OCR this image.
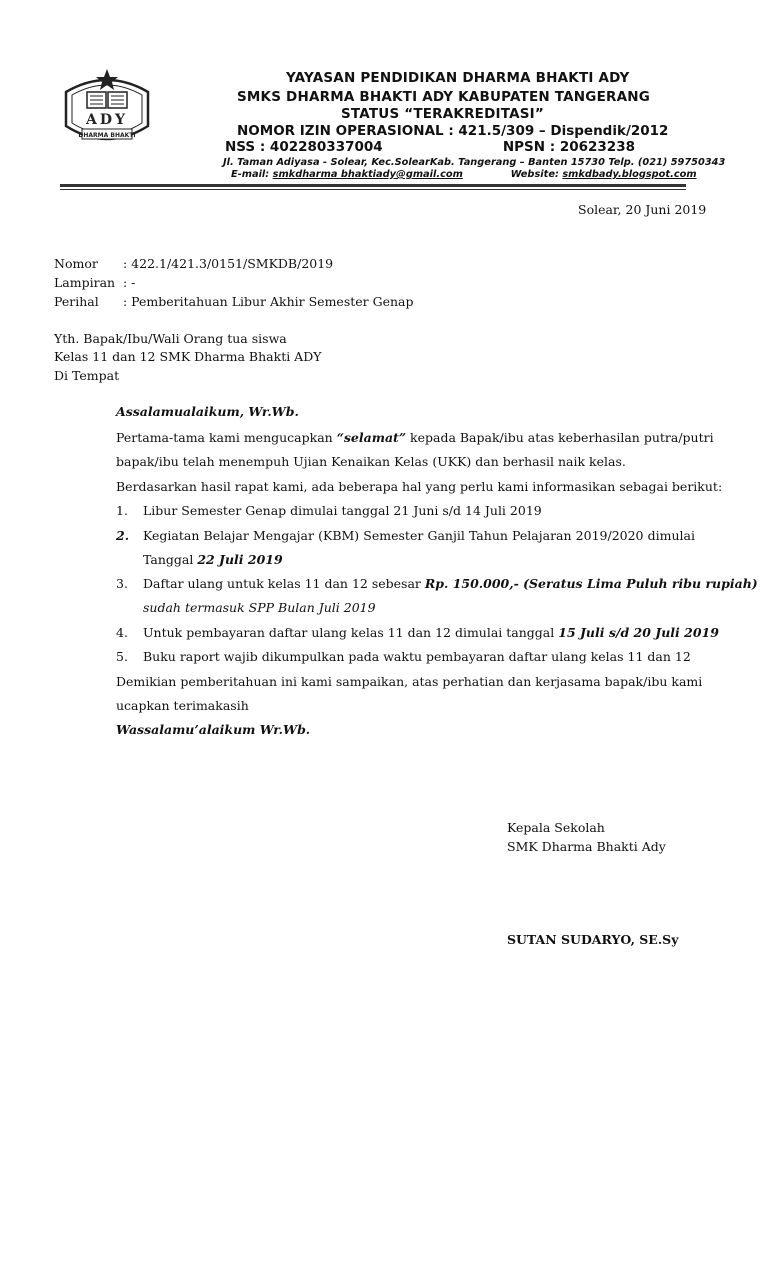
ADY
DHARMA BHAKTI
YAYASAN PENDIDIKAN DHARMA BHAKTI ADY
SMKS DHARMA BHAKTI ADY KABUPATEN TANGERANG
STATUS “TERAKREDITASI”
NOMOR IZIN OPERASIONAL : 421.5/309 – Dispendik/2012
NSS : 402280337004	NPSN : 20623238
Jl. Taman Adiyasa - Solear, Kec.SolearKab. Tangerang – Banten 15730 Telp. (021) 59750343
E-mail: smkdharma bhaktiady@gmail.com	Website: smkdbady.blogspot.com
Solear, 20 Juni 2019
Nomor : 422.1/421.3/0151/SMKDB/2019
Lampiran : -
Perihal : Pemberitahuan Libur Akhir Semester Genap
Yth. Bapak/Ibu/Wali Orang tua siswa
Kelas 11 dan 12 SMK Dharma Bhakti ADY
Di Tempat
Assalamualaikum, Wr.Wb.
Pertama-tama kami mengucapkan “selamat” kepada Bapak/ibu atas keberhasilan putra/putri
bapak/ibu telah menempuh Ujian Kenaikan Kelas (UKK) dan berhasil naik kelas.
Berdasarkan hasil rapat kami, ada beberapa hal yang perlu kami informasikan sebagai berikut:
1. Libur Semester Genap dimulai tanggal 21 Juni s/d 14 Juli 2019
2. Kegiatan Belajar Mengajar (KBM) Semester Ganjil Tahun Pelajaran 2019/2020 dimulai
Tanggal 22 Juli 2019
3. Daftar ulang untuk kelas 11 dan 12 sebesar Rp. 150.000,- (Seratus Lima Puluh ribu rupiah)
sudah termasuk SPP Bulan Juli 2019
4. Untuk pembayaran daftar ulang kelas 11 dan 12 dimulai tanggal 15 Juli s/d 20 Juli 2019
5. Buku raport wajib dikumpulkan pada waktu pembayaran daftar ulang kelas 11 dan 12
Demikian pemberitahuan ini kami sampaikan, atas perhatian dan kerjasama bapak/ibu kami
ucapkan terimakasih
Wassalamu’alaikum Wr.Wb.
Kepala Sekolah
SMK Dharma Bhakti Ady
SUTAN SUDARYO, SE.Sy
